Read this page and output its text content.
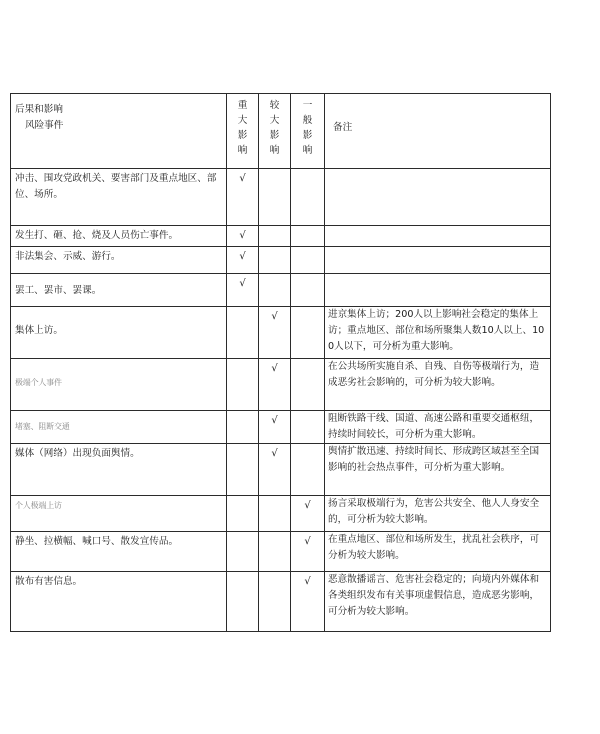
后果和影响
风险事件	重
大
影
响	较
大
影
响	一
般
影
响	备注

冲击、围攻党政机关、要害部门及重点地区、部位、场所。	√			
发生打、砸、抢、烧及人员伤亡事件。	√			
非法集会、示威、游行。	√			
罢工、罢市、罢课。	√			
集体上访。		√		进京集体上访；200人以上影响社会稳定的集体上访；重点地区、部位和场所聚集人数10人以上、100人以下，可分析为重大影响。
极端个人事件		√		在公共场所实施自杀、自残、自伤等极端行为，造成恶劣社会影响的，可分析为较大影响。
堵塞、阻断交通		√		阻断铁路干线、国道、高速公路和重要交通枢纽，持续时间较长，可分析为重大影响。
媒体（网络）出现负面舆情。		√		舆情扩散迅速、持续时间长、形成跨区域甚至全国影响的社会热点事件，可分析为重大影响。
个人极端上访			√	扬言采取极端行为，危害公共安全、他人人身安全的，可分析为较大影响。
静坐、拉横幅、喊口号、散发宣传品。			√	在重点地区、部位和场所发生，扰乱社会秩序，可分析为较大影响。
散布有害信息。			√	恶意散播谣言、危害社会稳定的；向境内外媒体和各类组织发布有关事项虚假信息，造成恶劣影响，可分析为较大影响。
